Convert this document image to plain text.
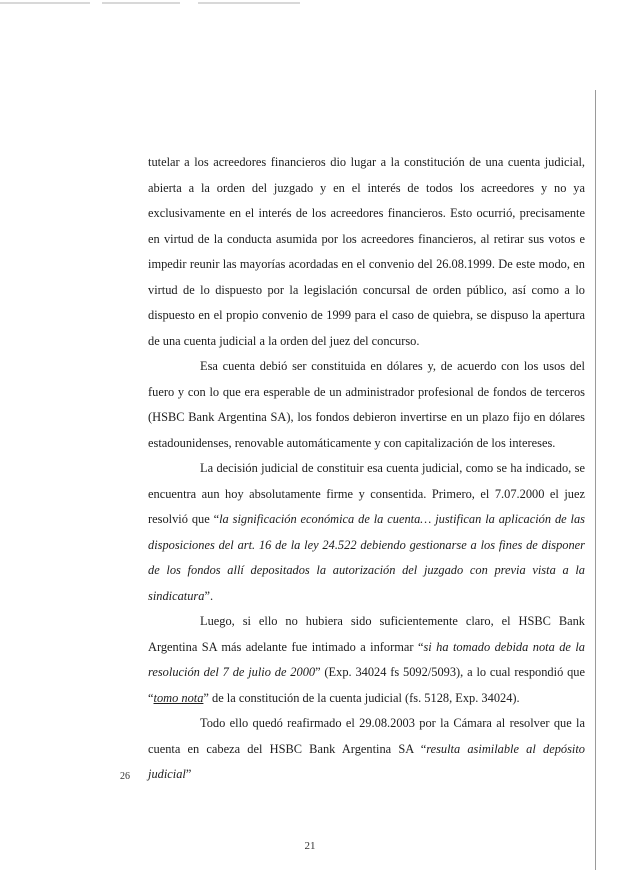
tutelar a los acreedores financieros dio lugar a la constitución de una cuenta judicial, abierta a la orden del juzgado y en el interés de todos los acreedores y no ya exclusivamente en el interés de los acreedores financieros. Esto ocurrió, precisamente en virtud de la conducta asumida por los acreedores financieros, al retirar sus votos e impedir reunir las mayorías acordadas en el convenio del 26.08.1999. De este modo, en virtud de lo dispuesto por la legislación concursal de orden público, así como a lo dispuesto en el propio convenio de 1999 para el caso de quiebra, se dispuso la apertura de una cuenta judicial a la orden del juez del concurso.

Esa cuenta debió ser constituida en dólares y, de acuerdo con los usos del fuero y con lo que era esperable de un administrador profesional de fondos de terceros (HSBC Bank Argentina SA), los fondos debieron invertirse en un plazo fijo en dólares estadounidenses, renovable automáticamente y con capitalización de los intereses.

La decisión judicial de constituir esa cuenta judicial, como se ha indicado, se encuentra aun hoy absolutamente firme y consentida. Primero, el 7.07.2000 el juez resolvió que “la significación económica de la cuenta… justifican la aplicación de las disposiciones del art. 16 de la ley 24.522 debiendo gestionarse a los fines de disponer de los fondos allí depositados la autorización del juzgado con previa vista a la sindicatura”.

Luego, si ello no hubiera sido suficientemente claro, el HSBC Bank Argentina SA más adelante fue intimado a informar “si ha tomado debida nota de la resolución del 7 de julio de 2000” (Exp. 34024 fs 5092/5093), a lo cual respondió que “tomo nota” de la constitución de la cuenta judicial (fs. 5128, Exp. 34024).

Todo ello quedó reafirmado el 29.08.2003 por la Cámara al resolver que la cuenta en cabeza del HSBC Bank Argentina SA “resulta asimilable al depósito judicial”

26
21
